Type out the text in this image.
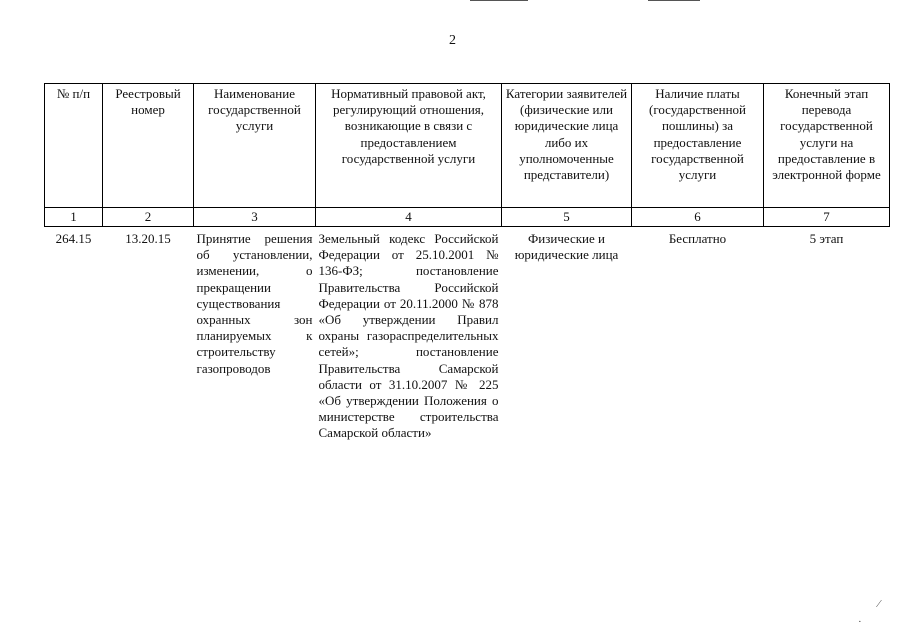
2
№ п/п	Реестровый номер	Наименование государственной услуги	Нормативный правовой акт, регулирующий отношения, возникающие в связи с предоставлением государственной услуги	Категории заявителей (физические или юридические лица либо их уполномоченные представители)	Наличие платы (государственной пошлины) за предоставление государственной услуги	Конечный этап перевода государственной услуги на предоставление в электронной форме
1	2	3	4	5	6	7
264.15	13.20.15	Принятие решения об установлении, изменении, о прекращении существования охранных зон планируемых к строительству газопроводов	Земельный кодекс Российской Федерации от 25.10.2001 № 136-ФЗ; постановление Правительства Российской Федерации от 20.11.2000 № 878 «Об утверждении Правил охраны газораспределительных сетей»; постановление Правительства Самарской области от 31.10.2007 № 225 «Об утверждении Положения о министерстве строительства Самарской области»	Физические и юридические лица	Бесплатно	5 этап
⁄
·
